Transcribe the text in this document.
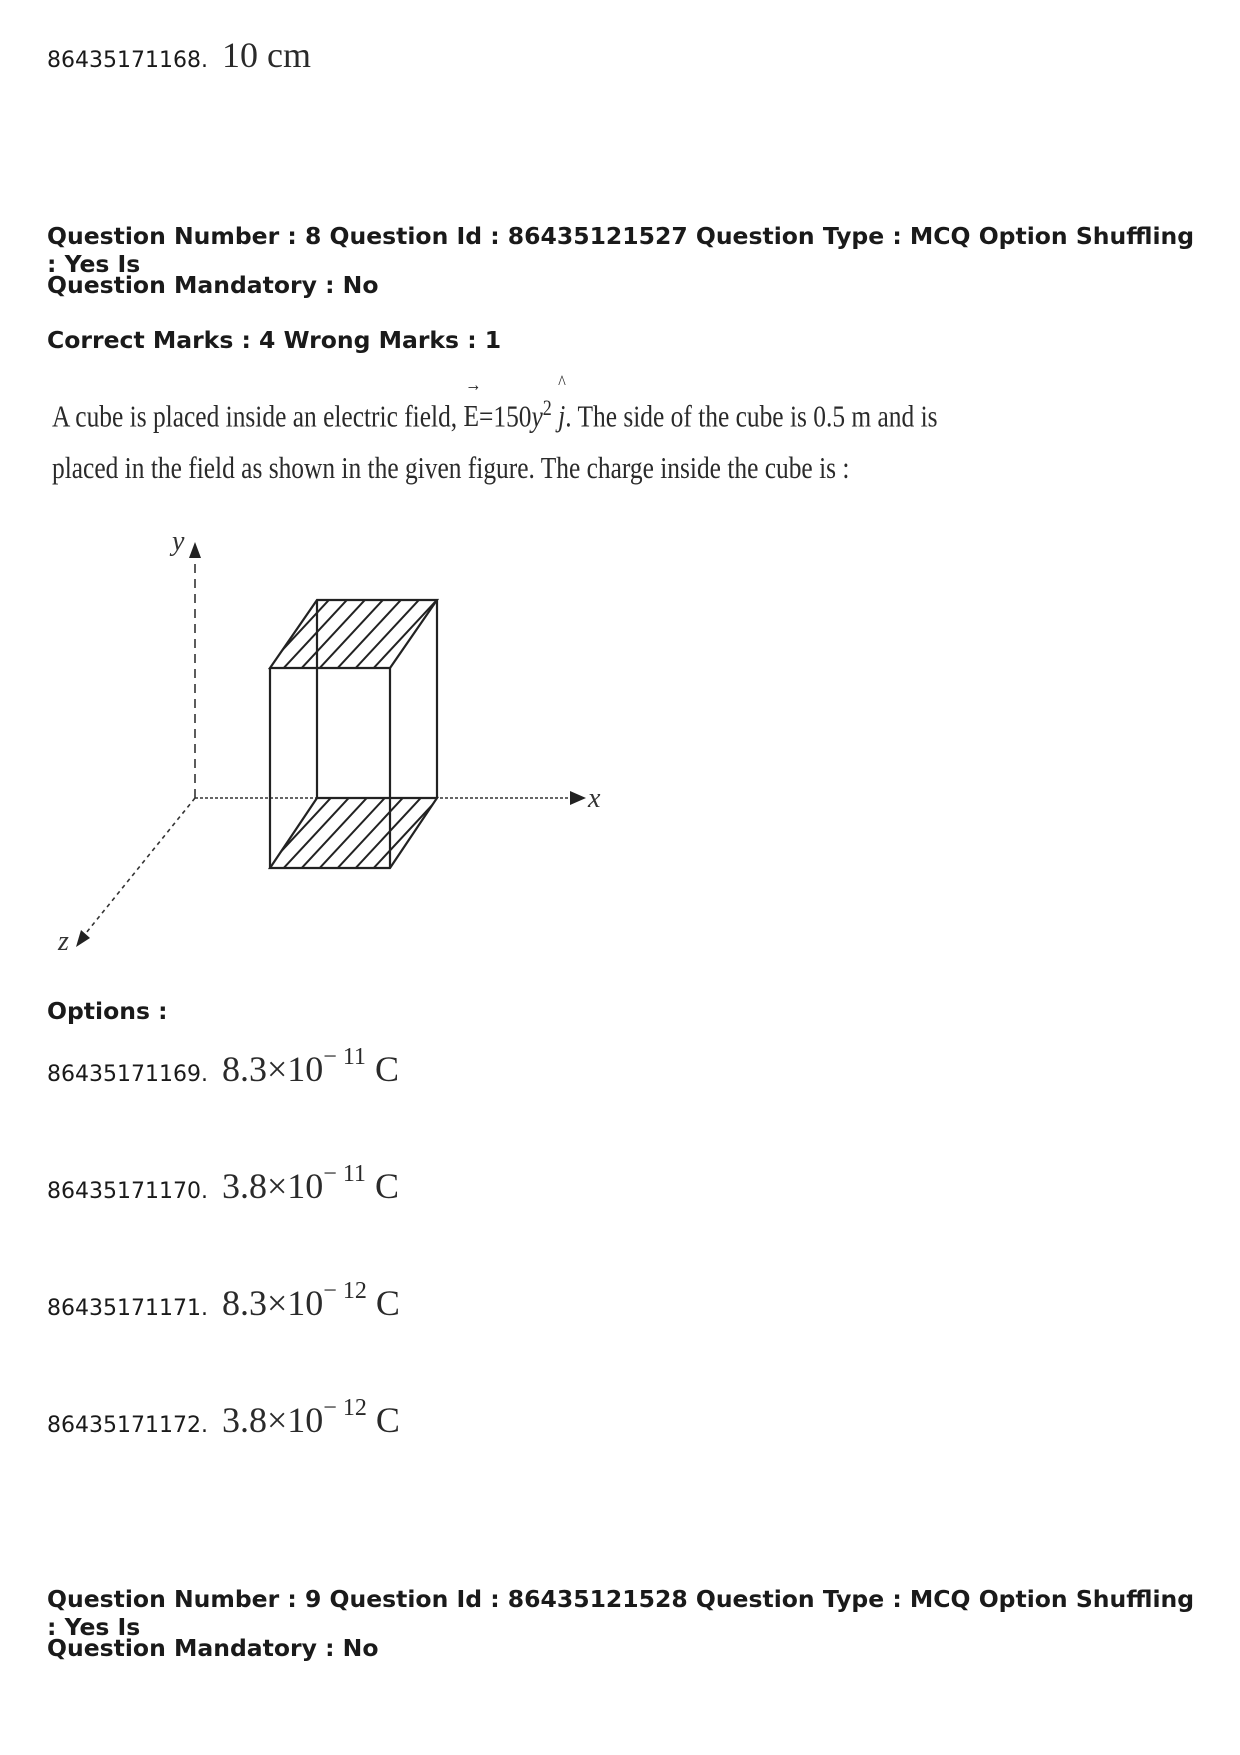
86435171168. 10 cm
Question Number : 8 Question Id : 86435121527 Question Type : MCQ Option Shuffling : Yes Is
Question Mandatory : No
Correct Marks : 4 Wrong Marks : 1
A cube is placed inside an electric field,
→
$E=150y^2$
^
j. The side of the cube is 0.5 m and is
placed in the field as shown in the given figure. The charge inside the cube is :
y
x
z
Options :
86435171169. $8.3\times 10^{- 11}$ C
86435171170. $3.8\times 10^{- 11}$ C
86435171171. $8.3\times 10^{- 12}$ C
86435171172. $3.8\times 10^{- 12}$ C
Question Number : 9 Question Id : 86435121528 Question Type : MCQ Option Shuffling : Yes Is
Question Mandatory : No
